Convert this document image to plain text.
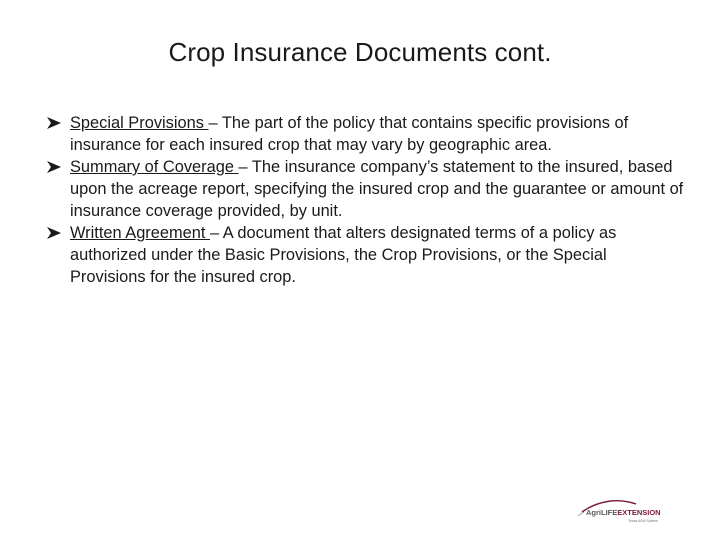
Crop Insurance Documents cont.
Special Provisions – The part of the policy that contains specific provisions of insurance for each insured crop that may vary by geographic area.
Summary of Coverage – The insurance company’s statement to the insured, based upon the acreage report, specifying the insured crop and the guarantee or amount of insurance coverage provided, by unit.
Written Agreement – A document that alters designated terms of a policy as authorized under the Basic Provisions, the Crop Provisions, or the Special Provisions for the insured crop.
AgriLIFEEXTENSION
Texas A&M System
